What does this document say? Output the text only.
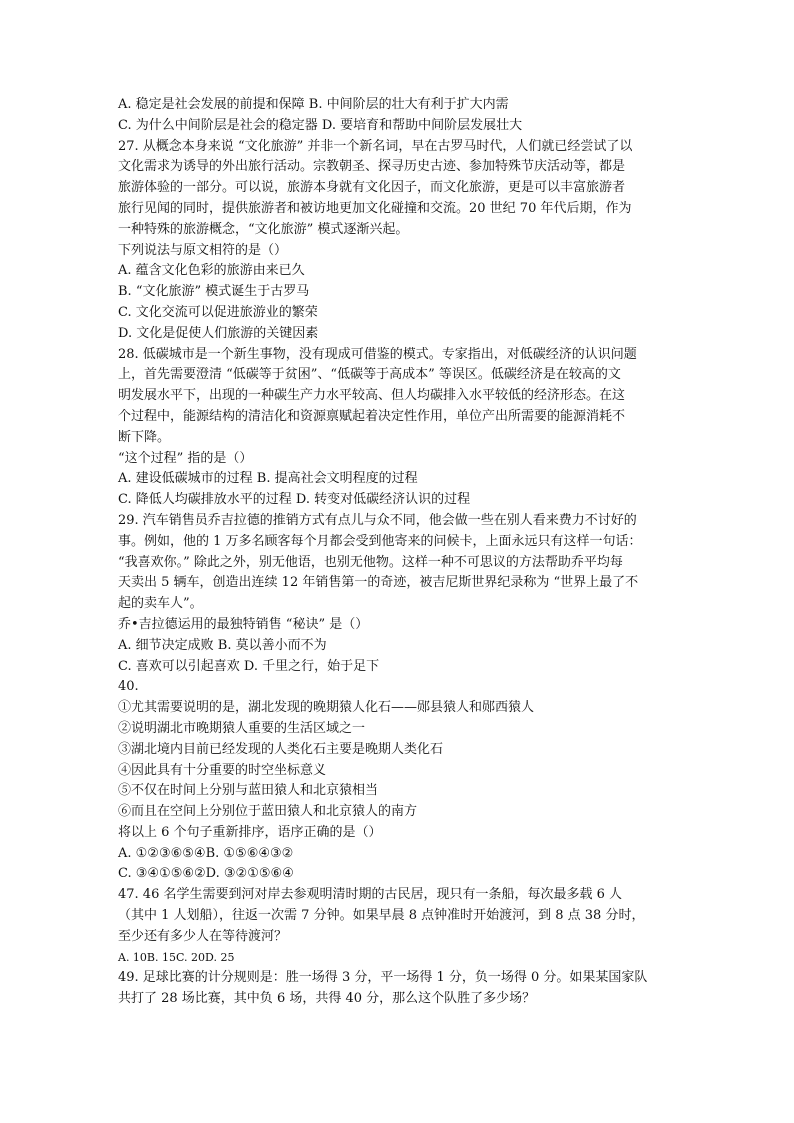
A. 稳定是社会发展的前提和保障 B. 中间阶层的壮大有利于扩大内需
C. 为什么中间阶层是社会的稳定器 D. 要培育和帮助中间阶层发展壮大
27. 从概念本身来说 “文化旅游” 并非一个新名词，早在古罗马时代，人们就已经尝试了以
文化需求为诱导的外出旅行活动。宗教朝圣、探寻历史古迹、参加特殊节庆活动等，都是
旅游体验的一部分。可以说，旅游本身就有文化因子，而文化旅游，更是可以丰富旅游者
旅行见闻的同时，提供旅游者和被访地更加文化碰撞和交流。20 世纪 70 年代后期，作为
一种特殊的旅游概念，“文化旅游” 模式逐渐兴起。
下列说法与原文相符的是（）
A. 蕴含文化色彩的旅游由来已久
B. “文化旅游” 模式诞生于古罗马
C. 文化交流可以促进旅游业的繁荣
D. 文化是促使人们旅游的关键因素
28. 低碳城市是一个新生事物，没有现成可借鉴的模式。专家指出，对低碳经济的认识问题
上，首先需要澄清 “低碳等于贫困”、“低碳等于高成本” 等误区。低碳经济是在较高的文
明发展水平下，出现的一种碳生产力水平较高、但人均碳排入水平较低的经济形态。在这
个过程中，能源结构的清洁化和资源禀赋起着决定性作用，单位产出所需要的能源消耗不
断下降。
“这个过程” 指的是（）
A. 建设低碳城市的过程 B. 提高社会文明程度的过程
C. 降低人均碳排放水平的过程 D. 转变对低碳经济认识的过程
29. 汽车销售员乔吉拉德的推销方式有点儿与众不同，他会做一些在别人看来费力不讨好的
事。例如，他的 1 万多名顾客每个月都会受到他寄来的问候卡，上面永远只有这样一句话：
“我喜欢你。” 除此之外，别无他语，也别无他物。这样一种不可思议的方法帮助乔平均每
天卖出 5 辆车，创造出连续 12 年销售第一的奇迹，被吉尼斯世界纪录称为 “世界上最了不
起的卖车人”。
乔•吉拉德运用的最独特销售 “秘诀” 是（）
A. 细节决定成败 B. 莫以善小而不为
C. 喜欢可以引起喜欢 D. 千里之行，始于足下
40.
①尤其需要说明的是，湖北发现的晚期猿人化石——郧县猿人和郧西猿人
②说明湖北市晚期猿人重要的生活区域之一
③湖北境内目前已经发现的人类化石主要是晚期人类化石
④因此具有十分重要的时空坐标意义
⑤不仅在时间上分别与蓝田猿人和北京猿相当
⑥而且在空间上分别位于蓝田猿人和北京猿人的南方
将以上 6 个句子重新排序，语序正确的是（）
A. ①②③⑥⑤④B. ①⑤⑥④③②
C. ③④①⑤⑥②D. ③②①⑤⑥④
47. 46 名学生需要到河对岸去参观明清时期的古民居，现只有一条船，每次最多载 6 人
（其中 1 人划船），往返一次需 7 分钟。如果早晨 8 点钟准时开始渡河，到 8 点 38 分时，
至少还有多少人在等待渡河？
A. 10B. 15C. 20D. 25
49. 足球比赛的计分规则是：胜一场得 3 分，平一场得 1 分，负一场得 0 分。如果某国家队
共打了 28 场比赛，其中负 6 场，共得 40 分，那么这个队胜了多少场？
